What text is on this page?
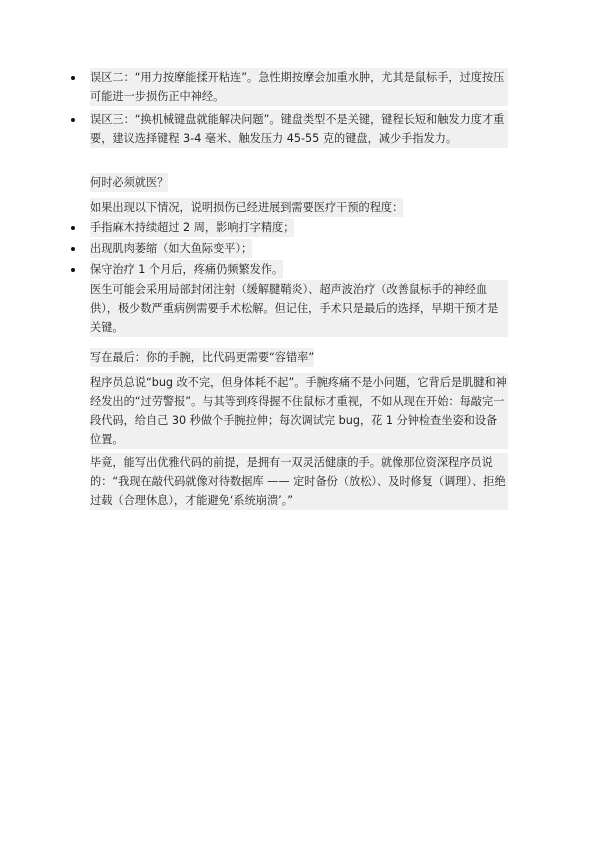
误区二：“用力按摩能揉开粘连”。急性期按摩会加重水肿，尤其是鼠标手，过度按压可能进一步损伤正中神经。
误区三：“换机械键盘就能解决问题”。键盘类型不是关键，键程长短和触发力度才重要，建议选择键程 3-4 毫米、触发压力 45-55 克的键盘，减少手指发力。
何时必须就医？
如果出现以下情况，说明损伤已经进展到需要医疗干预的程度：
手指麻木持续超过 2 周，影响打字精度；
出现肌肉萎缩（如大鱼际变平）；
保守治疗 1 个月后，疼痛仍频繁发作。
医生可能会采用局部封闭注射（缓解腱鞘炎）、超声波治疗（改善鼠标手的神经血供），极少数严重病例需要手术松解。但记住，手术只是最后的选择，早期干预才是关键。
写在最后：你的手腕，比代码更需要“容错率”
程序员总说“bug 改不完，但身体耗不起”。手腕疼痛不是小问题，它背后是肌腱和神经发出的“过劳警报”。与其等到疼得握不住鼠标才重视，不如从现在开始：每敲完一段代码，给自己 30 秒做个手腕拉伸；每次调试完 bug，花 1 分钟检查坐姿和设备位置。
毕竟，能写出优雅代码的前提，是拥有一双灵活健康的手。就像那位资深程序员说的：“我现在敲代码就像对待数据库 —— 定时备份（放松）、及时修复（调理）、拒绝过载（合理休息），才能避免‘系统崩溃’。”
